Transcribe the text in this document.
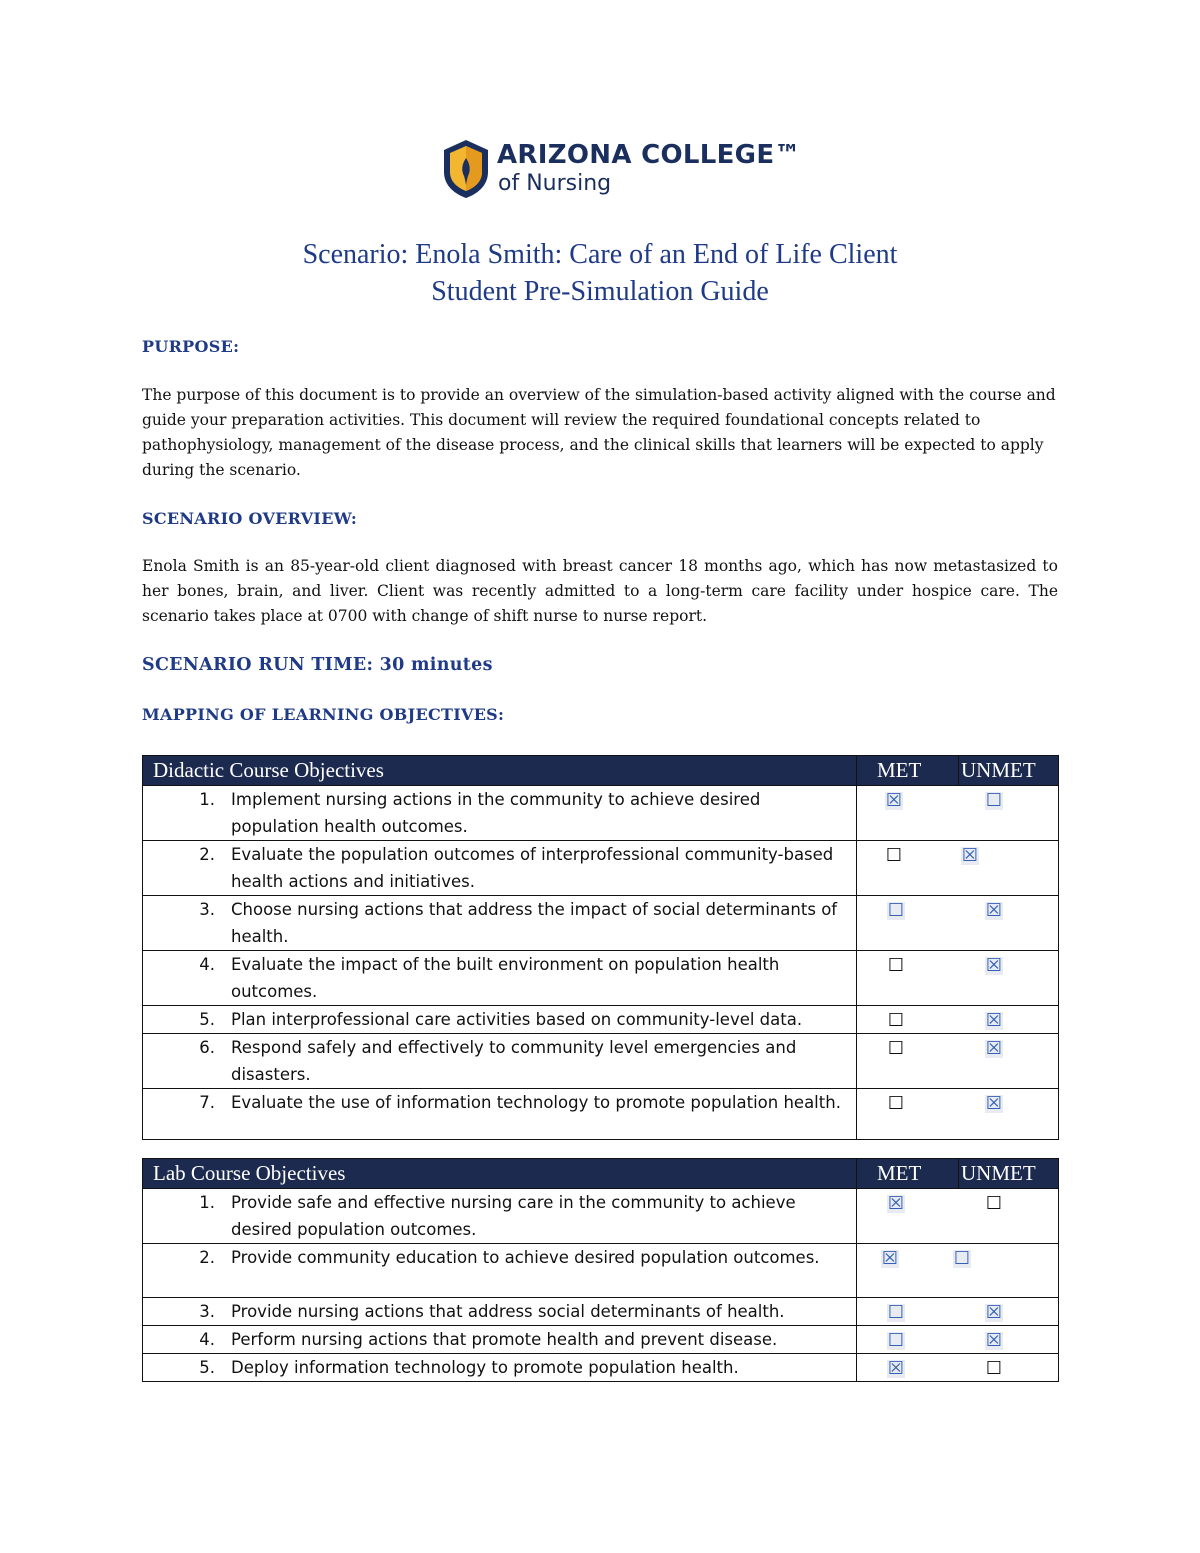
ARIZONA COLLEGE™
of Nursing
Scenario: Enola Smith: Care of an End of Life Client
Student Pre-Simulation Guide
PURPOSE:
The purpose of this document is to provide an overview of the simulation-based activity aligned with the course and guide your preparation activities. This document will review the required foundational concepts related to pathophysiology, management of the disease process, and the clinical skills that learners will be expected to apply during the scenario.
SCENARIO OVERVIEW:
Enola Smith is an 85-year-old client diagnosed with breast cancer 18 months ago, which has now metastasized to her bones, brain, and liver. Client was recently admitted to a long-term care facility under hospice care. The scenario takes place at 0700 with change of shift nurse to nurse report.
SCENARIO RUN TIME: 30 minutes
MAPPING OF LEARNING OBJECTIVES:
Didactic Course Objectives	MET	UNMET

1. Implement nursing actions in the community to achieve desired population health outcomes.	☒ ☐	

2. Evaluate the population outcomes of interprofessional community-based health actions and initiatives.	☐ ☒	

3. Choose nursing actions that address the impact of social determinants of health.	☐ ☒	

4. Evaluate the impact of the built environment on population health outcomes.	☐ ☒	

5. Plan interprofessional care activities based on community-level data.	☐ ☒	

6. Respond safely and effectively to community level emergencies and disasters.	☐ ☒	

7. Evaluate the use of information technology to promote population health.	☐ ☒	
Lab Course Objectives	MET	UNMET

1. Provide safe and effective nursing care in the community to achieve desired population outcomes.	☒ ☐	

2. Provide community education to achieve desired population outcomes.	☒ ☐	

3. Provide nursing actions that address social determinants of health.	☐ ☒	

4. Perform nursing actions that promote health and prevent disease.	☐ ☒	

5. Deploy information technology to promote population health.	☒ ☐	
